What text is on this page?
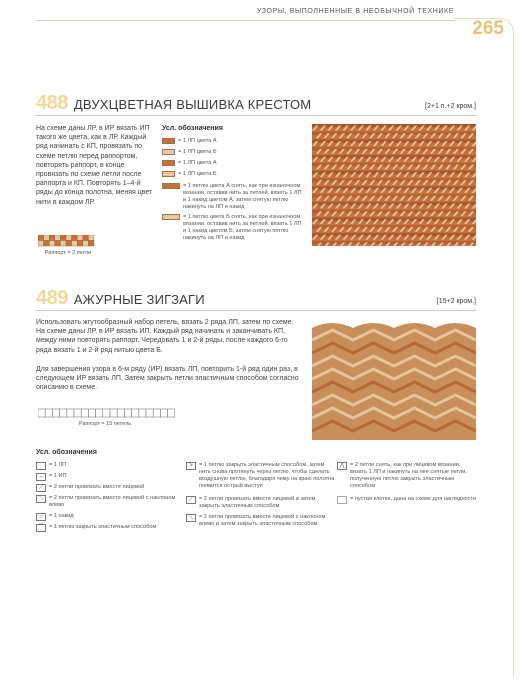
УЗОРЫ, ВЫПОЛНЕННЫЕ В НЕОБЫЧНОЙ ТЕХНИКЕ
265
488 ДВУХЦВЕТНАЯ ВЫШИВКА КРЕСТОМ	[2+1 п.+2 кром.]
На схеме даны ЛР, в ИР вязать ИП такого же цвета, как в ЛР. Каждый ряд начинать с КП, провязать по схеме петлю перед раппортом, повторять раппорт, в конце провязать по схеме петли после раппорта и КП. Повторять 1–4-й ряды до конца полотна, меняя цвет нити в каждом ЛР.
Раппорт = 2 петли
Усл. обозначения
= 1 ЛП цвета А
= 1 ЛП цвета Б
= 1 ЛП цвета А
= 1 ЛП цвета Б
= 1 петлю цвета А снять, как при изнаночном вязании, оставив нить за петлей, вязать 1 ЛП и 1 накид цветом А, затем снятую петлю накинуть на ЛП и накид
= 1 петлю цвета Б снять, как при изнаночном вязании, оставив нить за петлей, вязать 1 ЛП и 1 накид цветом Б, затем снятую петлю накинуть на ЛП и накид
489 АЖУРНЫЕ ЗИГЗАГИ	[15+2 кром.]
Использовать жгутообразный набор петель, вязать 2 ряда ЛП, затем по схеме. На схеме даны ЛР, в ИР вязать ИП. Каждый ряд начинать и заканчивать КП, между ними повторять раппорт. Чередовать 1 и 2-й ряды, после каждого 6-го ряда вязать 1 и 2-й ряд нитью цвета Б.
Для завершения узора в 6-м ряду (ИР) вязать ЛП, повторить 1-й ряд один раз, в следующем ИР вязать ЛП. Затем закрыть петли эластичным способом согласно описанию в схеме.
Раппорт = 15 петель
Усл. обозначения
= 1 ЛП
–	= 1 ИП
⟋	= 2 петли провязать вместе лицевой
⟍	= 2 петли провязать вместе лицевой с наклоном влево
○	= 1 накид
⌒ = 1 петлю закрыть эластичным способом
>	= 1 петлю закрыть эластичным способом, затем нить снова протянуть через петлю, чтобы сделать воздушную петлю, благодаря чему на краю полотна появится острый выступ
⟋	= 2 петли провязать вместе лицевой и затем закрыть эластичным способом
⟍	= 2 петли провязать вместе лицевой с наклоном влево и затем закрыть эластичным способом
⋀ = 2 петли снять, как при лицевом вязании, вязать 1 ЛП и накинуть на нее снятые петли, полученную петлю закрыть эластичным способом
= пустая клетка, дана на схеме для наглядности
